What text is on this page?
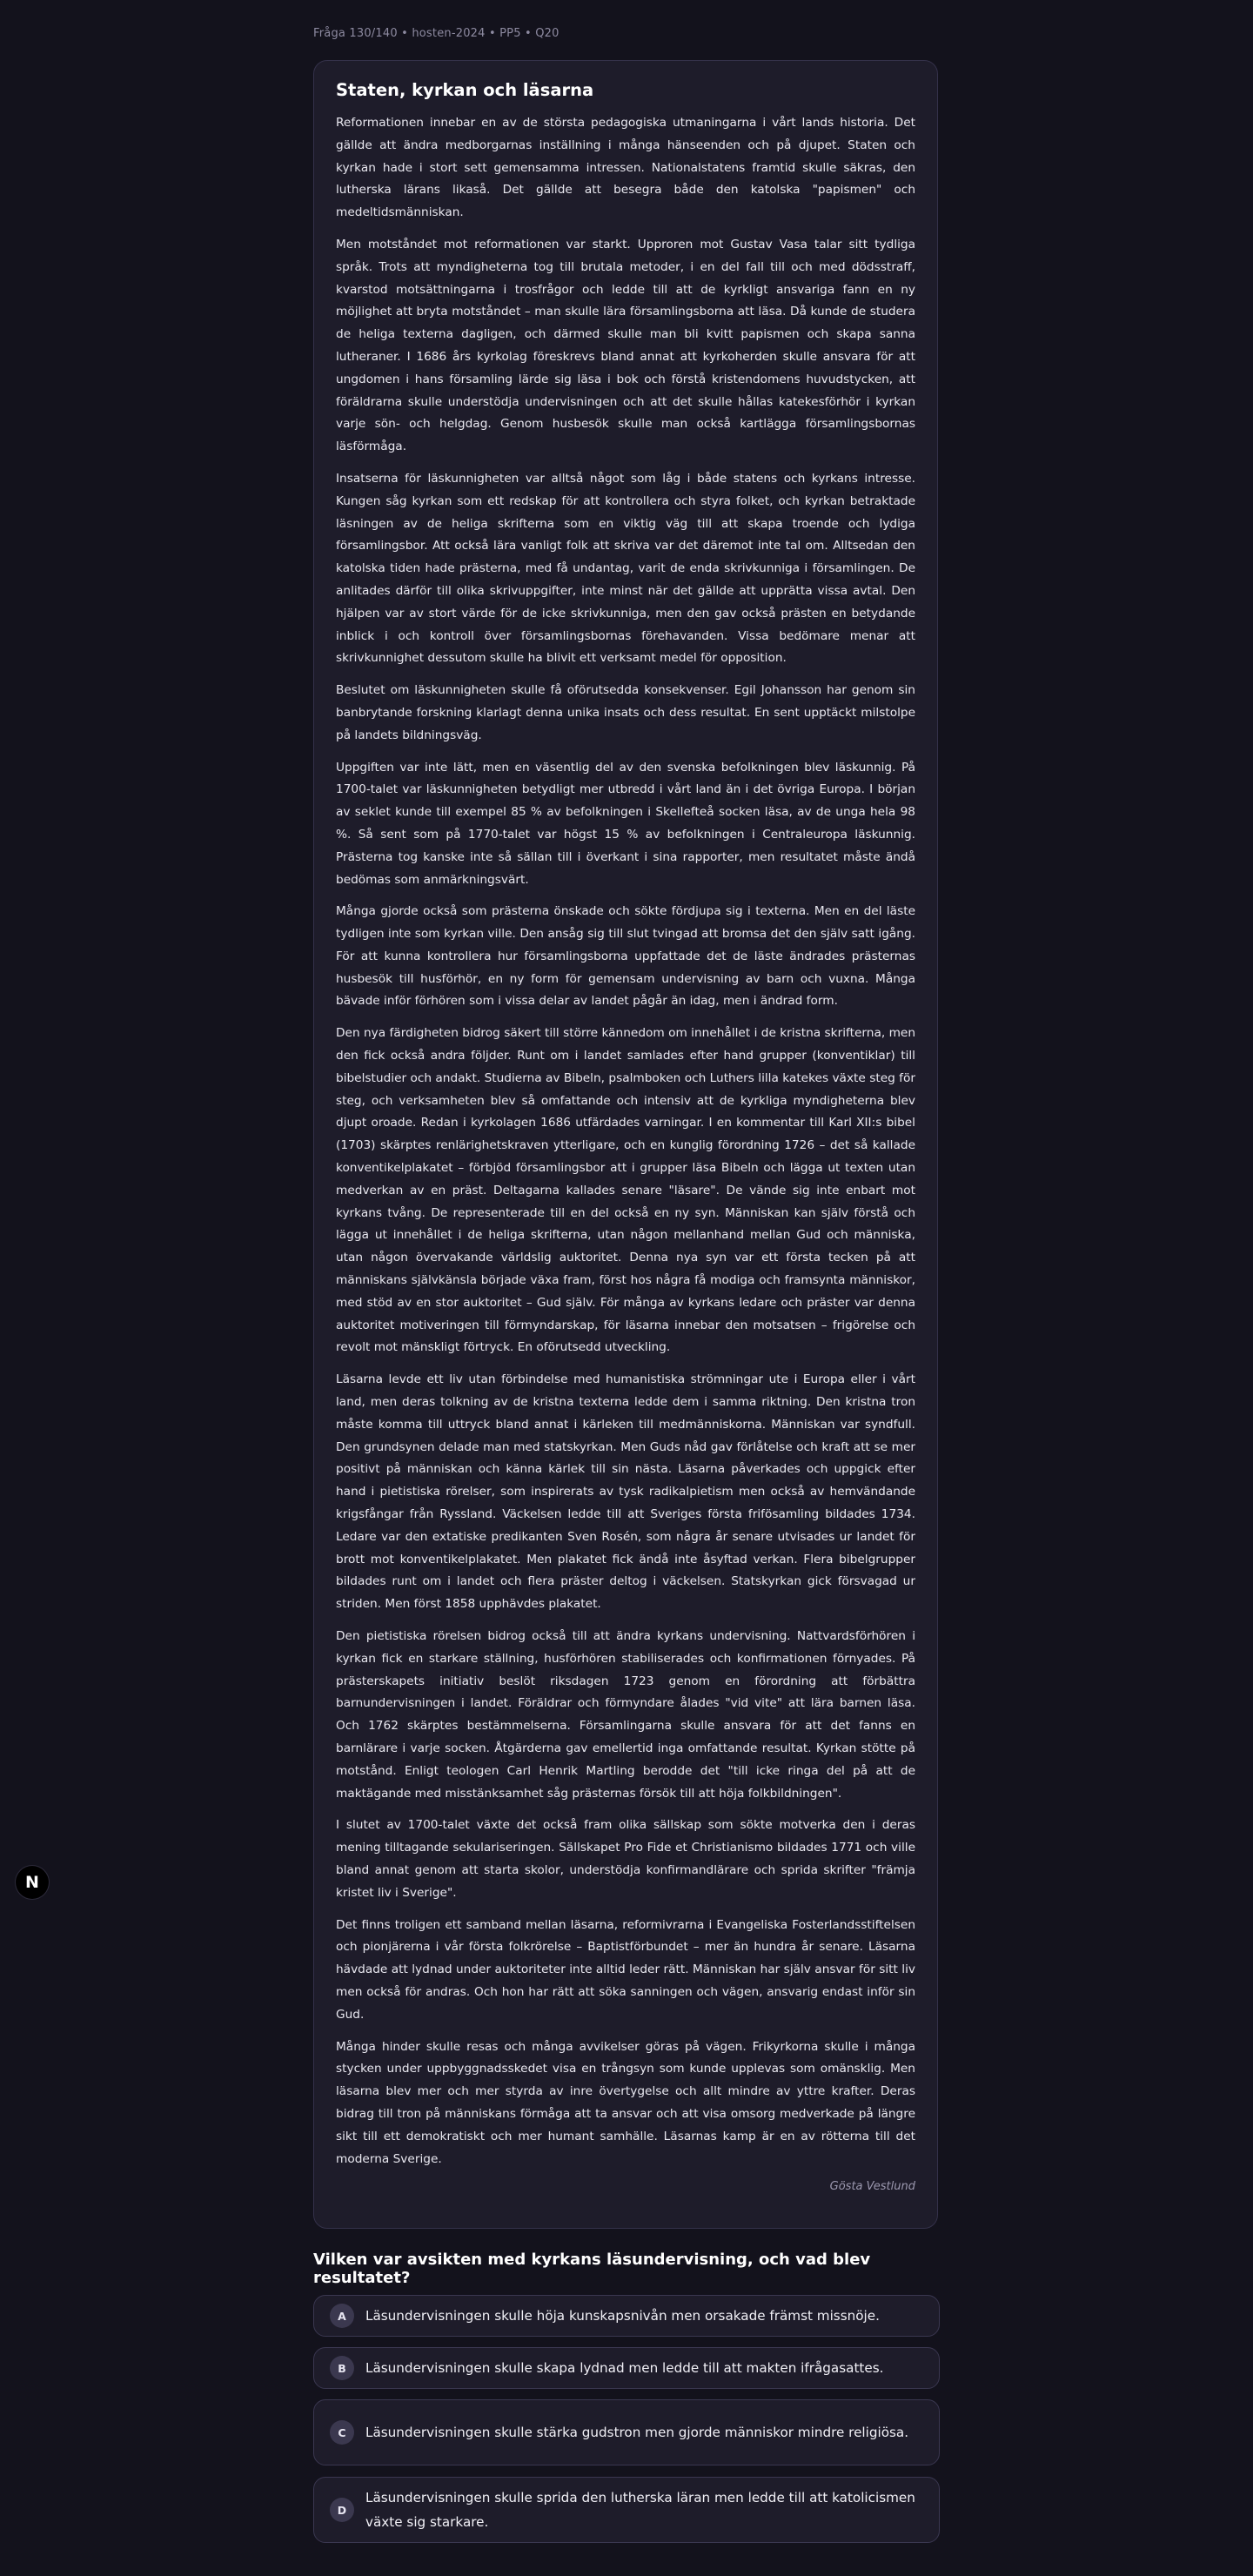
Fråga 130/140 • hosten-2024 • PP5 • Q20
Staten, kyrkan och läsarna

Reformationen innebar en av de största pedagogiska utmaningarna i vårt lands historia. Det gällde att ändra medborgarnas inställning i många hänseenden och på djupet. Staten och kyrkan hade i stort sett gemensamma intressen. Nationalstatens framtid skulle säkras, den lutherska lärans likaså. Det gällde att besegra både den katolska "papismen" och medeltidsmänniskan.

Men motståndet mot reformationen var starkt. Upproren mot Gustav Vasa talar sitt tydliga språk. Trots att myndigheterna tog till brutala metoder, i en del fall till och med dödsstraff, kvarstod motsättningarna i trosfrågor och ledde till att de kyrkligt ansvariga fann en ny möjlighet att bryta motståndet – man skulle lära församlingsborna att läsa. Då kunde de studera de heliga texterna dagligen, och därmed skulle man bli kvitt papismen och skapa sanna lutheraner. I 1686 års kyrkolag föreskrevs bland annat att kyrkoherden skulle ansvara för att ungdomen i hans församling lärde sig läsa i bok och förstå kristendomens huvudstycken, att föräldrarna skulle understödja undervisningen och att det skulle hållas katekesförhör i kyrkan varje sön- och helgdag. Genom husbesök skulle man också kartlägga församlingsbornas läsförmåga.

Insatserna för läskunnigheten var alltså något som låg i både statens och kyrkans intresse. Kungen såg kyrkan som ett redskap för att kontrollera och styra folket, och kyrkan betraktade läsningen av de heliga skrifterna som en viktig väg till att skapa troende och lydiga församlingsbor. Att också lära vanligt folk att skriva var det däremot inte tal om. Alltsedan den katolska tiden hade prästerna, med få undantag, varit de enda skrivkunniga i församlingen. De anlitades därför till olika skrivuppgifter, inte minst när det gällde att upprätta vissa avtal. Den hjälpen var av stort värde för de icke skrivkunniga, men den gav också prästen en betydande inblick i och kontroll över församlingsbornas förehavanden. Vissa bedömare menar att skrivkunnighet dessutom skulle ha blivit ett verksamt medel för opposition.

Beslutet om läskunnigheten skulle få oförutsedda konsekvenser. Egil Johansson har genom sin banbrytande forskning klarlagt denna unika insats och dess resultat. En sent upptäckt milstolpe på landets bildningsväg.

Uppgiften var inte lätt, men en väsentlig del av den svenska befolkningen blev läskunnig. På 1700-talet var läskunnigheten betydligt mer utbredd i vårt land än i det övriga Europa. I början av seklet kunde till exempel 85 % av befolkningen i Skellefteå socken läsa, av de unga hela 98 %. Så sent som på 1770-talet var högst 15 % av befolkningen i Centraleuropa läskunnig. Prästerna tog kanske inte så sällan till i överkant i sina rapporter, men resultatet måste ändå bedömas som anmärkningsvärt.

Många gjorde också som prästerna önskade och sökte fördjupa sig i texterna. Men en del läste tydligen inte som kyrkan ville. Den ansåg sig till slut tvingad att bromsa det den själv satt igång. För att kunna kontrollera hur församlingsborna uppfattade det de läste ändrades prästernas husbesök till husförhör, en ny form för gemensam undervisning av barn och vuxna. Många bävade inför förhören som i vissa delar av landet pågår än idag, men i ändrad form.

Den nya färdigheten bidrog säkert till större kännedom om innehållet i de kristna skrifterna, men den fick också andra följder. Runt om i landet samlades efter hand grupper (konventiklar) till bibelstudier och andakt. Studierna av Bibeln, psalmboken och Luthers lilla katekes växte steg för steg, och verksamheten blev så omfattande och intensiv att de kyrkliga myndigheterna blev djupt oroade. Redan i kyrkolagen 1686 utfärdades varningar. I en kommentar till Karl XII:s bibel (1703) skärptes renlärighetskraven ytterligare, och en kunglig förordning 1726 – det så kallade konventikelplakatet – förbjöd församlingsbor att i grupper läsa Bibeln och lägga ut texten utan medverkan av en präst. Deltagarna kallades senare "läsare". De vände sig inte enbart mot kyrkans tvång. De representerade till en del också en ny syn. Människan kan själv förstå och lägga ut innehållet i de heliga skrifterna, utan någon mellanhand mellan Gud och människa, utan någon övervakande världslig auktoritet. Denna nya syn var ett första tecken på att människans självkänsla började växa fram, först hos några få modiga och framsynta människor, med stöd av en stor auktoritet – Gud själv. För många av kyrkans ledare och präster var denna auktoritet motiveringen till förmyndarskap, för läsarna innebar den motsatsen – frigörelse och revolt mot mänskligt förtryck. En oförutsedd utveckling.

Läsarna levde ett liv utan förbindelse med humanistiska strömningar ute i Europa eller i vårt land, men deras tolkning av de kristna texterna ledde dem i samma riktning. Den kristna tron måste komma till uttryck bland annat i kärleken till medmänniskorna. Människan var syndfull. Den grundsynen delade man med statskyrkan. Men Guds nåd gav förlåtelse och kraft att se mer positivt på människan och känna kärlek till sin nästa. Läsarna påverkades och uppgick efter hand i pietistiska rörelser, som inspirerats av tysk radikalpietism men också av hemvändande krigsfångar från Ryssland. Väckelsen ledde till att Sveriges första frifösamling bildades 1734. Ledare var den extatiske predikanten Sven Rosén, som några år senare utvisades ur landet för brott mot konventikelplakatet. Men plakatet fick ändå inte åsyftad verkan. Flera bibelgrupper bildades runt om i landet och flera präster deltog i väckelsen. Statskyrkan gick försvagad ur striden. Men först 1858 upphävdes plakatet.

Den pietistiska rörelsen bidrog också till att ändra kyrkans undervisning. Nattvardsförhören i kyrkan fick en starkare ställning, husförhören stabiliserades och konfirmationen förnyades. På prästerskapets initiativ beslöt riksdagen 1723 genom en förordning att förbättra barnundervisningen i landet. Föräldrar och förmyndare ålades "vid vite" att lära barnen läsa. Och 1762 skärptes bestämmelserna. Församlingarna skulle ansvara för att det fanns en barnlärare i varje socken. Åtgärderna gav emellertid inga omfattande resultat. Kyrkan stötte på motstånd. Enligt teologen Carl Henrik Martling berodde det "till icke ringa del på att de maktägande med misstänksamhet såg prästernas försök till att höja folkbildningen".

I slutet av 1700-talet växte det också fram olika sällskap som sökte motverka den i deras mening tilltagande sekulariseringen. Sällskapet Pro Fide et Christianismo bildades 1771 och ville bland annat genom att starta skolor, understödja konfirmandlärare och sprida skrifter "främja kristet liv i Sverige".

Det finns troligen ett samband mellan läsarna, reformivrarna i Evangeliska Fosterlandsstiftelsen och pionjärerna i vår första folkrörelse – Baptistförbundet – mer än hundra år senare. Läsarna hävdade att lydnad under auktoriteter inte alltid leder rätt. Människan har själv ansvar för sitt liv men också för andras. Och hon har rätt att söka sanningen och vägen, ansvarig endast inför sin Gud.

Många hinder skulle resas och många avvikelser göras på vägen. Frikyrkorna skulle i många stycken under uppbyggnadsskedet visa en trångsyn som kunde upplevas som omänsklig. Men läsarna blev mer och mer styrda av inre övertygelse och allt mindre av yttre krafter. Deras bidrag till tron på människans förmåga att ta ansvar och att visa omsorg medverkade på längre sikt till ett demokratiskt och mer humant samhälle. Läsarnas kamp är en av rötterna till det moderna Sverige.

Gösta Vestlund
Vilken var avsikten med kyrkans läsundervisning, och vad blev resultatet?
A	Läsundervisningen skulle höja kunskapsnivån men orsakade främst missnöje.
B	Läsundervisningen skulle skapa lydnad men ledde till att makten ifrågasattes.
C	Läsundervisningen skulle stärka gudstron men gjorde människor mindre religiösa.
D
Läsundervisningen skulle sprida den lutherska läran men ledde till att katolicismen växte sig starkare.
N
